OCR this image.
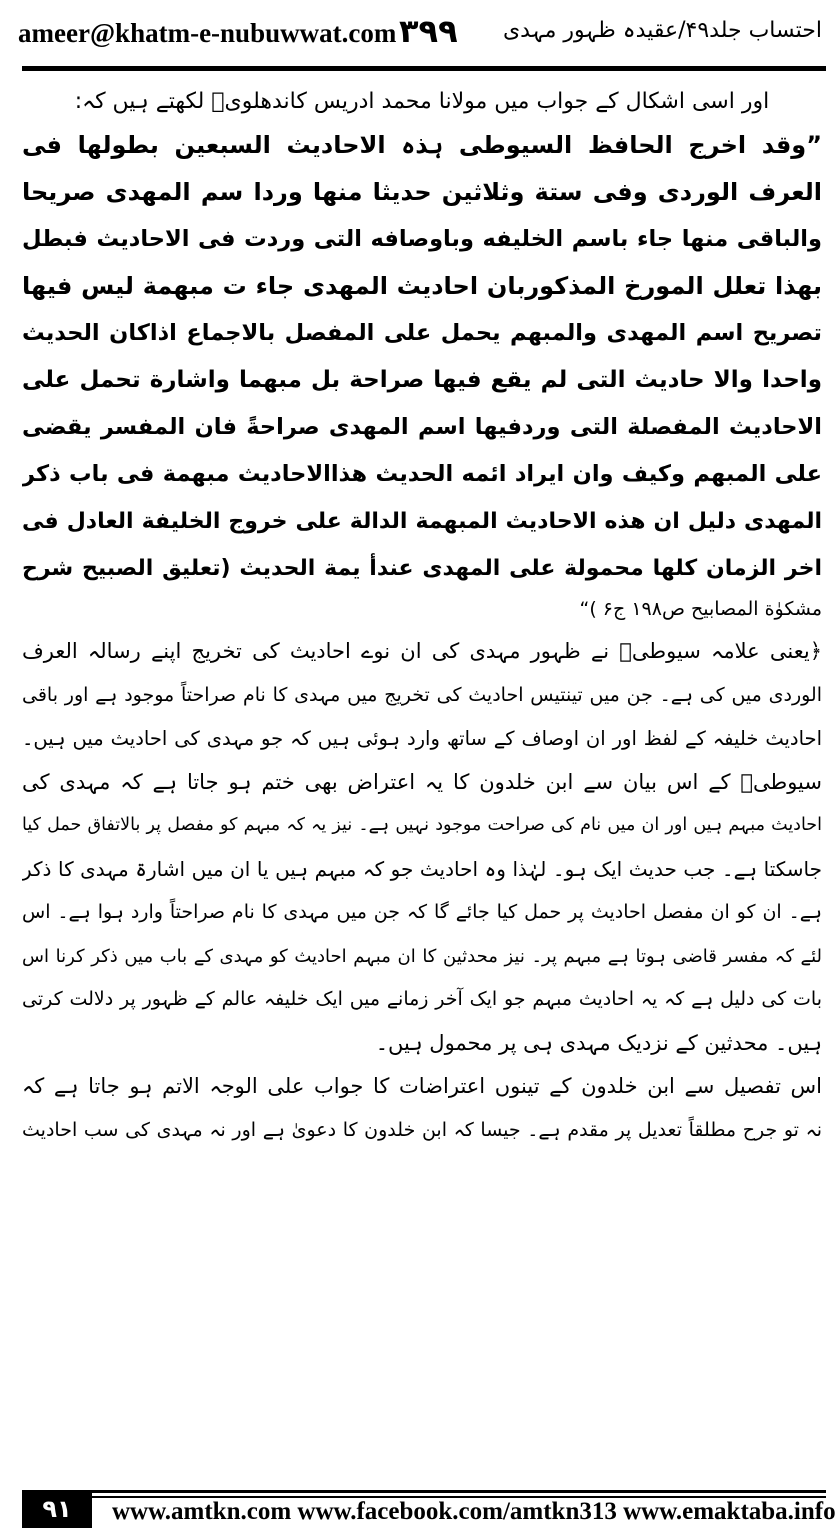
ameer@khatm-e-nubuwwat.com ۳۹۹ احتساب جلد۴۹/عقیدہ ظہور مہدی
اور اسی اشکال کے جواب میں مولانا محمد ادریس کاندھلویؒ لکھتے ہیں کہ:
”وقد اخرج الحافظ السیوطی ہذہ الاحادیث السبعین بطولها فی
العرف الوردی وفی ستة وثلاثین حدیثا منها وردا سم المهدی صریحا
والباقی منها جاء باسم الخلیفه وباوصافه التی وردت فی الاحادیث فبطل
بهذا تعلل المورخ المذکوربان احادیث المهدی جاء ت مبهمة لیس فیها
تصریح اسم المهدی والمبهم یحمل علی المفصل بالاجماع اذاکان الحدیث
واحدا والا حادیث التی لم یقع فیها صراحة بل مبهما واشارة تحمل علی
الاحادیث المفصلة التی وردفیها اسم المهدی صراحةً فان المفسر یقضی
علی المبهم وکیف وان ایراد ائمه الحدیث هذاالاحادیث مبهمة فی باب ذکر
المهدی دلیل ان هذه الاحادیث المبهمة الدالة علی خروج الخلیفة العادل فی
اخر الزمان کلها محمولة علی المهدی عندأ یمة الحدیث (تعلیق الصبیح شرح
مشکوٰة المصابیح ص۱۹۸ ج۶ )“
﴿یعنی علامہ سیوطیؒ نے ظہور مہدی کی ان نوے احادیث کی تخریج اپنے رسالہ العرف
الوردی میں کی ہے۔ جن میں تینتیس احادیث کی تخریج میں مہدی کا نام صراحتاً موجود ہے اور باقی
احادیث خلیفہ کے لفظ اور ان اوصاف کے ساتھ وارد ہوئی ہیں کہ جو مہدی کی احادیث میں ہیں۔
سیوطیؒ کے اس بیان سے ابن خلدون کا یہ اعتراض بھی ختم ہو جاتا ہے کہ مہدی کی
احادیث مبہم ہیں اور ان میں نام کی صراحت موجود نہیں ہے۔ نیز یہ کہ مبہم کو مفصل پر بالاتفاق حمل کیا
جاسکتا ہے۔ جب حدیث ایک ہو۔ لہٰذا وہ احادیث جو کہ مبہم ہیں یا ان میں اشارۃ مہدی کا ذکر
ہے۔ ان کو ان مفصل احادیث پر حمل کیا جائے گا کہ جن میں مہدی کا نام صراحتاً وارد ہوا ہے۔ اس
لئے کہ مفسر قاضی ہوتا ہے مبہم پر۔ نیز محدثین کا ان مبہم احادیث کو مہدی کے باب میں ذکر کرنا اس
بات کی دلیل ہے کہ یہ احادیث مبہم جو ایک آخر زمانے میں ایک خلیفہ عالم کے ظہور پر دلالت کرتی
ہیں۔ محدثین کے نزدیک مہدی ہی پر محمول ہیں۔
اس تفصیل سے ابن خلدون کے تینوں اعتراضات کا جواب علی الوجہ الاتم ہو جاتا ہے کہ
نہ تو جرح مطلقاً تعدیل پر مقدم ہے۔ جیسا کہ ابن خلدون کا دعویٰ ہے اور نہ مہدی کی سب احادیث
۹۱	www.amtkn.com www.facebook.com/amtkn313 www.emaktaba.info
